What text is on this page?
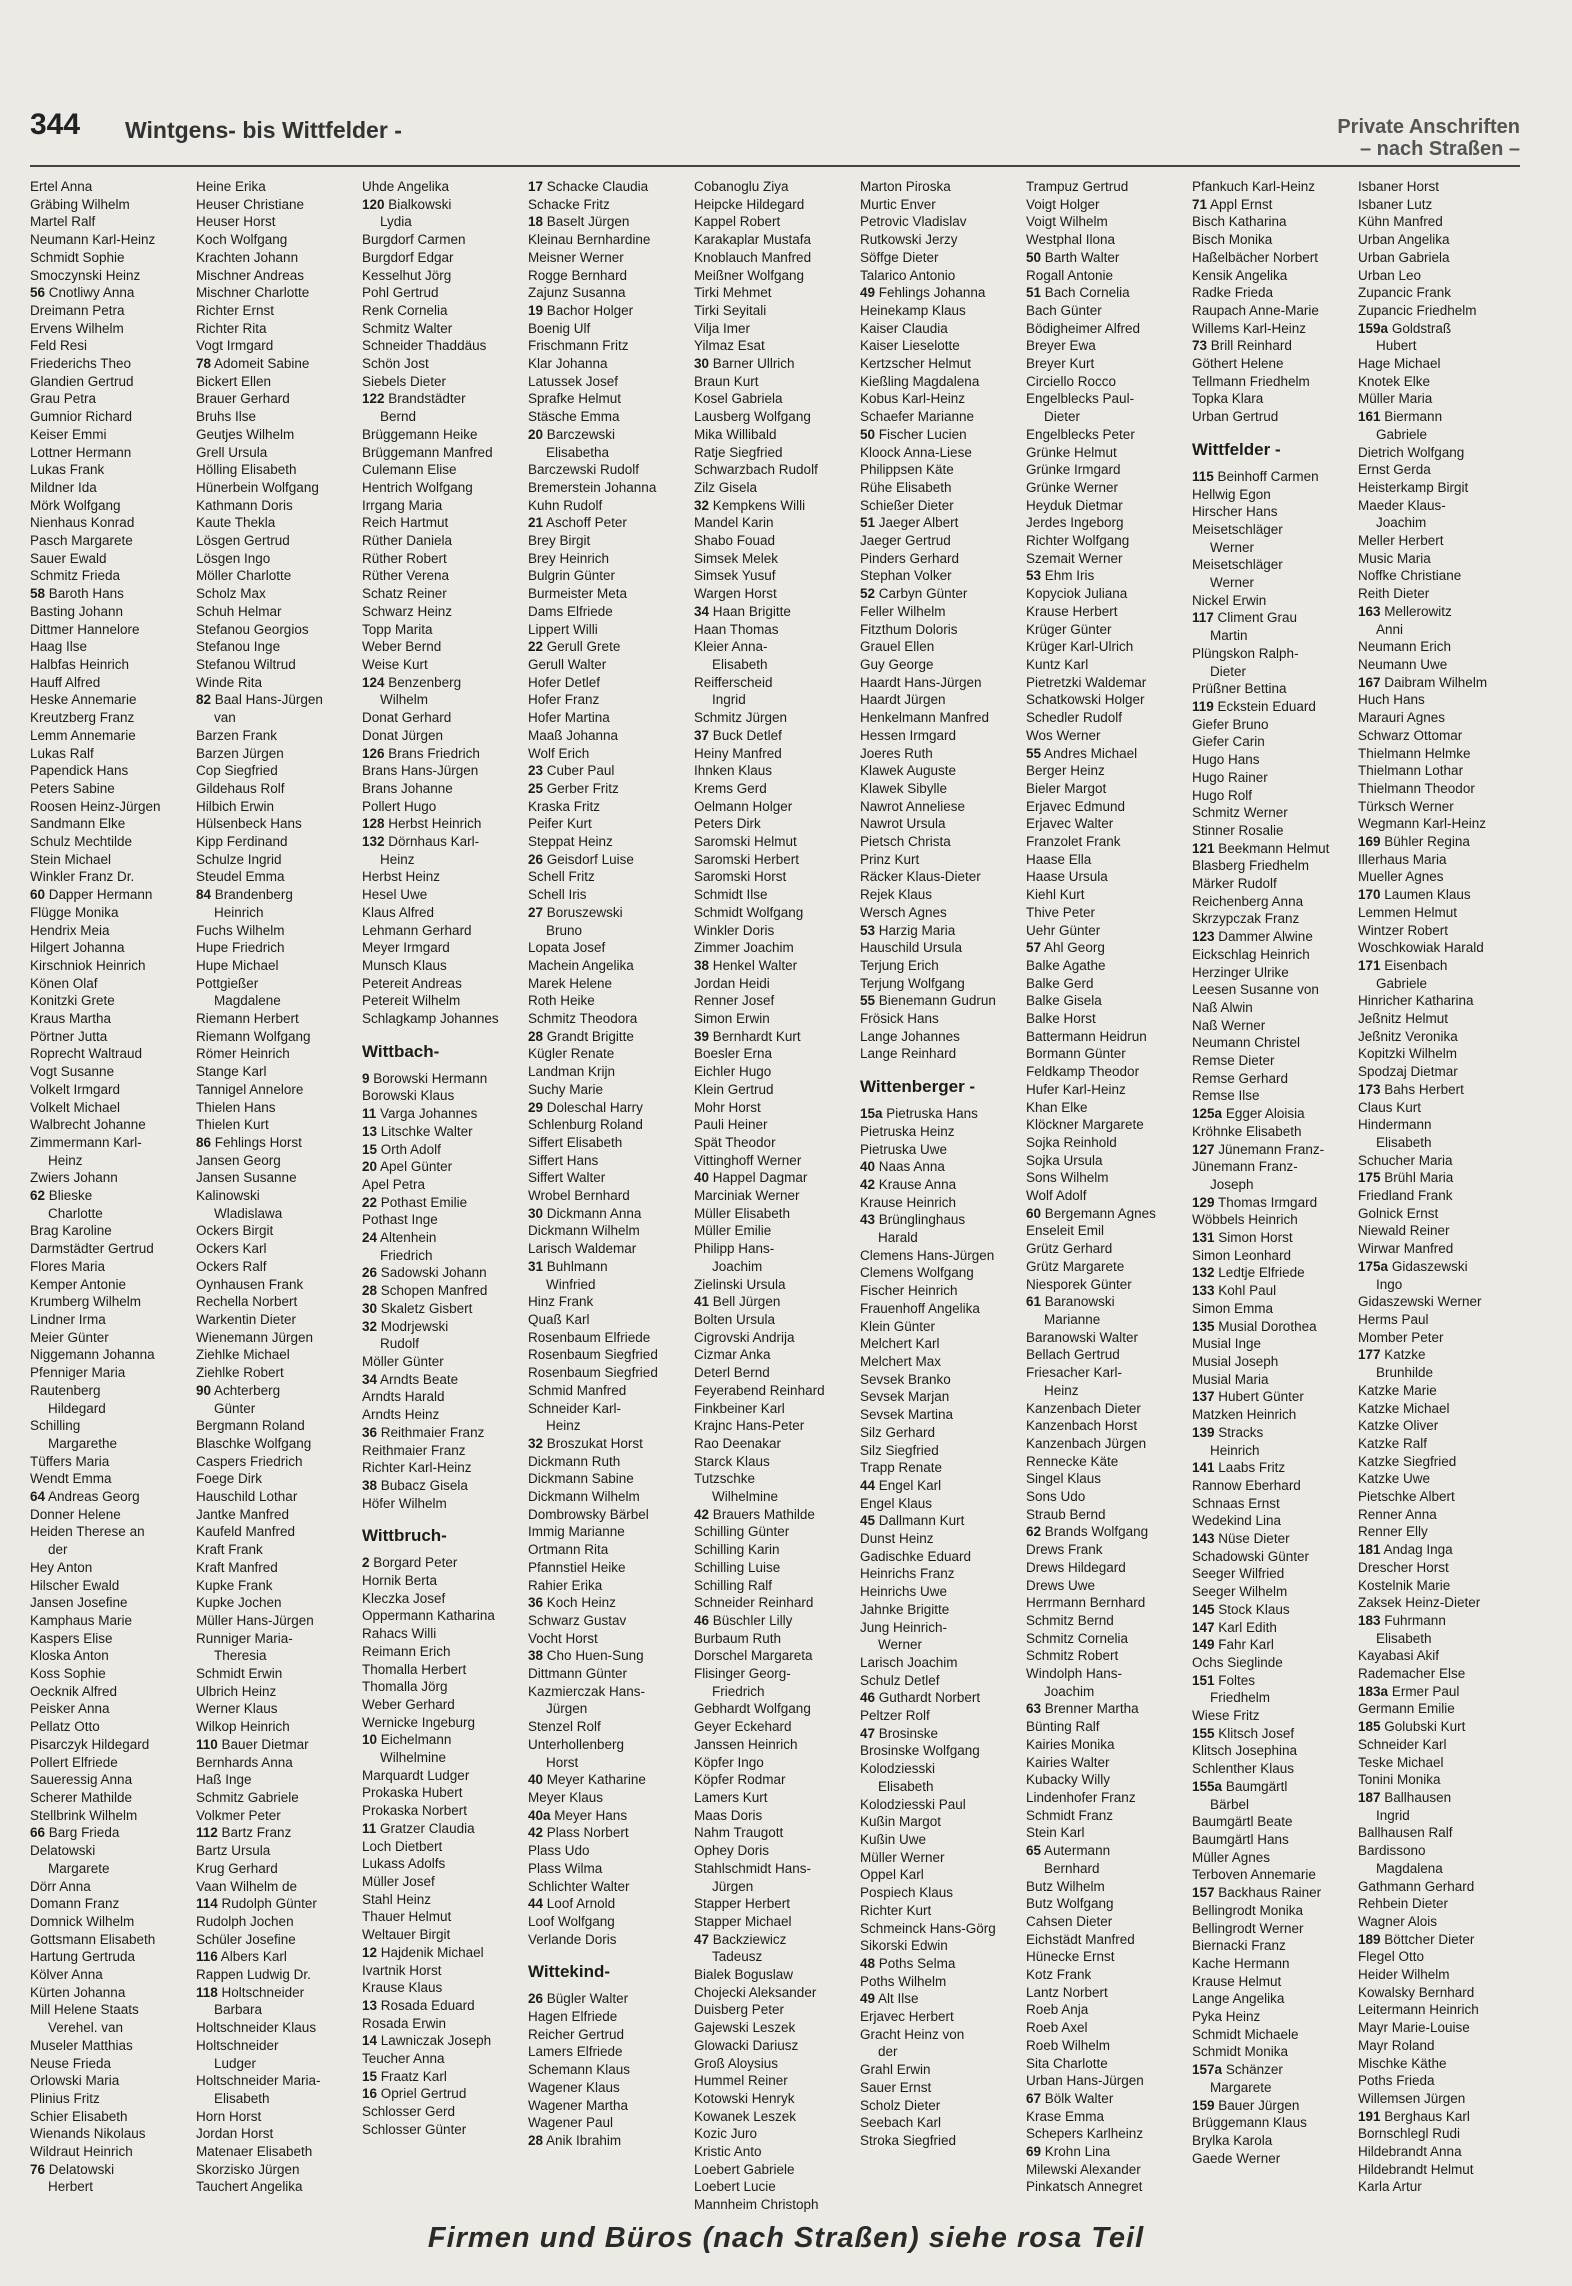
344 Wintgens- bis Wittfelder -	Private Anschriften
– nach Straßen –
Ertel Anna
Gräbing Wilhelm
Martel Ralf
Neumann Karl-Heinz
Schmidt Sophie
Smoczynski Heinz
56 Cnotliwy Anna
Dreimann Petra
Ervens Wilhelm
Feld Resi
Friederichs Theo
Glandien Gertrud
Grau Petra
Gumnior Richard
Keiser Emmi
Lottner Hermann
Lukas Frank
Mildner Ida
Mörk Wolfgang
Nienhaus Konrad
Pasch Margarete
Sauer Ewald
Schmitz Frieda
58 Baroth Hans
Basting Johann
Dittmer Hannelore
Haag Ilse
Halbfas Heinrich
Hauff Alfred
Heske Annemarie
Kreutzberg Franz
Lemm Annemarie
Lukas Ralf
Papendick Hans
Peters Sabine
Roosen Heinz-Jürgen
Sandmann Elke
Schulz Mechtilde
Stein Michael
Winkler Franz Dr.
60 Dapper Hermann
Flügge Monika
Hendrix Meia
Hilgert Johanna
Kirschniok Heinrich
Könen Olaf
Konitzki Grete
Kraus Martha
Pörtner Jutta
Roprecht Waltraud
Vogt Susanne
Volkelt Irmgard
Volkelt Michael
Walbrecht Johanne
Zimmermann Karl-
Heinz
Zwiers Johann
62 Blieske
Charlotte
Brag Karoline
Darmstädter Gertrud
Flores Maria
Kemper Antonie
Krumberg Wilhelm
Lindner Irma
Meier Günter
Niggemann Johanna
Pfenniger Maria
Rautenberg
Hildegard
Schilling
Margarethe
Tüffers Maria
Wendt Emma
64 Andreas Georg
Donner Helene
Heiden Therese an
der
Hey Anton
Hilscher Ewald
Jansen Josefine
Kamphaus Marie
Kaspers Elise
Kloska Anton
Koss Sophie
Oecknik Alfred
Peisker Anna
Pellatz Otto
Pisarczyk Hildegard
Pollert Elfriede
Saueressig Anna
Scherer Mathilde
Stellbrink Wilhelm
66 Barg Frieda
Delatowski
Margarete
Dörr Anna
Domann Franz
Domnick Wilhelm
Gottsmann Elisabeth
Hartung Gertruda
Kölver Anna
Kürten Johanna
Mill Helene Staats
Verehel. van
Museler Matthias
Neuse Frieda
Orlowski Maria
Plinius Fritz
Schier Elisabeth
Wienands Nikolaus
Wildraut Heinrich
76 Delatowski
Herbert
Heine Erika
Heuser Christiane
Heuser Horst
Koch Wolfgang
Krachten Johann
Mischner Andreas
Mischner Charlotte
Richter Ernst
Richter Rita
Vogt Irmgard
78 Adomeit Sabine
Bickert Ellen
Brauer Gerhard
Bruhs Ilse
Geutjes Wilhelm
Grell Ursula
Hölling Elisabeth
Hünerbein Wolfgang
Kathmann Doris
Kaute Thekla
Lösgen Gertrud
Lösgen Ingo
Möller Charlotte
Scholz Max
Schuh Helmar
Stefanou Georgios
Stefanou Inge
Stefanou Wiltrud
Winde Rita
82 Baal Hans-Jürgen
van
Barzen Frank
Barzen Jürgen
Cop Siegfried
Gildehaus Rolf
Hilbich Erwin
Hülsenbeck Hans
Kipp Ferdinand
Schulze Ingrid
Steudel Emma
84 Brandenberg
Heinrich
Fuchs Wilhelm
Hupe Friedrich
Hupe Michael
Pottgießer
Magdalene
Riemann Herbert
Riemann Wolfgang
Römer Heinrich
Stange Karl
Tannigel Annelore
Thielen Hans
Thielen Kurt
86 Fehlings Horst
Jansen Georg
Jansen Susanne
Kalinowski
Wladislawa
Ockers Birgit
Ockers Karl
Ockers Ralf
Oynhausen Frank
Rechella Norbert
Warkentin Dieter
Wienemann Jürgen
Ziehlke Michael
Ziehlke Robert
90 Achterberg
Günter
Bergmann Roland
Blaschke Wolfgang
Caspers Friedrich
Foege Dirk
Hauschild Lothar
Jantke Manfred
Kaufeld Manfred
Kraft Frank
Kraft Manfred
Kupke Frank
Kupke Jochen
Müller Hans-Jürgen
Runniger Maria-
Theresia
Schmidt Erwin
Ulbrich Heinz
Werner Klaus
Wilkop Heinrich
110 Bauer Dietmar
Bernhards Anna
Haß Inge
Schmitz Gabriele
Volkmer Peter
112 Bartz Franz
Bartz Ursula
Krug Gerhard
Vaan Wilhelm de
114 Rudolph Günter
Rudolph Jochen
Schüler Josefine
116 Albers Karl
Rappen Ludwig Dr.
118 Holtschneider
Barbara
Holtschneider Klaus
Holtschneider
Ludger
Holtschneider Maria-
Elisabeth
Horn Horst
Jordan Horst
Matenaer Elisabeth
Skorzisko Jürgen
Tauchert Angelika
Uhde Angelika
120 Bialkowski
Lydia
Burgdorf Carmen
Burgdorf Edgar
Kesselhut Jörg
Pohl Gertrud
Renk Cornelia
Schmitz Walter
Schneider Thaddäus
Schön Jost
Siebels Dieter
122 Brandstädter
Bernd
Brüggemann Heike
Brüggemann Manfred
Culemann Elise
Hentrich Wolfgang
Irrgang Maria
Reich Hartmut
Rüther Daniela
Rüther Robert
Rüther Verena
Schatz Reiner
Schwarz Heinz
Topp Marita
Weber Bernd
Weise Kurt
124 Benzenberg
Wilhelm
Donat Gerhard
Donat Jürgen
126 Brans Friedrich
Brans Hans-Jürgen
Brans Johanne
Pollert Hugo
128 Herbst Heinrich
132 Dörnhaus Karl-
Heinz
Herbst Heinz
Hesel Uwe
Klaus Alfred
Lehmann Gerhard
Meyer Irmgard
Munsch Klaus
Petereit Andreas
Petereit Wilhelm
Schlagkamp Johannes
Wittbach-
9 Borowski Hermann
Borowski Klaus
11 Varga Johannes
13 Litschke Walter
15 Orth Adolf
20 Apel Günter
Apel Petra
22 Pothast Emilie
Pothast Inge
24 Altenhein
Friedrich
26 Sadowski Johann
28 Schopen Manfred
30 Skaletz Gisbert
32 Modrjewski
Rudolf
Möller Günter
34 Arndts Beate
Arndts Harald
Arndts Heinz
36 Reithmaier Franz
Reithmaier Franz
Richter Karl-Heinz
38 Bubacz Gisela
Höfer Wilhelm
Wittbruch-
2 Borgard Peter
Hornik Berta
Kleczka Josef
Oppermann Katharina
Rahacs Willi
Reimann Erich
Thomalla Herbert
Thomalla Jörg
Weber Gerhard
Wernicke Ingeburg
10 Eichelmann
Wilhelmine
Marquardt Ludger
Prokaska Hubert
Prokaska Norbert
11 Gratzer Claudia
Loch Dietbert
Lukass Adolfs
Müller Josef
Stahl Heinz
Thauer Helmut
Weltauer Birgit
12 Hajdenik Michael
Ivartnik Horst
Krause Klaus
13 Rosada Eduard
Rosada Erwin
14 Lawniczak Joseph
Teucher Anna
15 Fraatz Karl
16 Opriel Gertrud
Schlosser Gerd
Schlosser Günter
17 Schacke Claudia
Schacke Fritz
18 Baselt Jürgen
Kleinau Bernhardine
Meisner Werner
Rogge Bernhard
Zajunz Susanna
19 Bachor Holger
Boenig Ulf
Frischmann Fritz
Klar Johanna
Latussek Josef
Sprafke Helmut
Stäsche Emma
20 Barczewski
Elisabetha
Barczewski Rudolf
Bremerstein Johanna
Kuhn Rudolf
21 Aschoff Peter
Brey Birgit
Brey Heinrich
Bulgrin Günter
Burmeister Meta
Dams Elfriede
Lippert Willi
22 Gerull Grete
Gerull Walter
Hofer Detlef
Hofer Franz
Hofer Martina
Maaß Johanna
Wolf Erich
23 Cuber Paul
25 Gerber Fritz
Kraska Fritz
Peifer Kurt
Steppat Heinz
26 Geisdorf Luise
Schell Fritz
Schell Iris
27 Boruszewski
Bruno
Lopata Josef
Machein Angelika
Marek Helene
Roth Heike
Schmitz Theodora
28 Grandt Brigitte
Kügler Renate
Landman Krijn
Suchy Marie
29 Doleschal Harry
Schlenburg Roland
Siffert Elisabeth
Siffert Hans
Siffert Walter
Wrobel Bernhard
30 Dickmann Anna
Dickmann Wilhelm
Larisch Waldemar
31 Buhlmann
Winfried
Hinz Frank
Quaß Karl
Rosenbaum Elfriede
Rosenbaum Siegfried
Rosenbaum Siegfried
Schmid Manfred
Schneider Karl-
Heinz
32 Broszukat Horst
Dickmann Ruth
Dickmann Sabine
Dickmann Wilhelm
Dombrowsky Bärbel
Immig Marianne
Ortmann Rita
Pfannstiel Heike
Rahier Erika
36 Koch Heinz
Schwarz Gustav
Vocht Horst
38 Cho Huen-Sung
Dittmann Günter
Kazmierczak Hans-
Jürgen
Stenzel Rolf
Unterhollenberg
Horst
40 Meyer Katharine
Meyer Klaus
40a Meyer Hans
42 Plass Norbert
Plass Udo
Plass Wilma
Schlichter Walter
44 Loof Arnold
Loof Wolfgang
Verlande Doris
Wittekind-
26 Bügler Walter
Hagen Elfriede
Reicher Gertrud
Lamers Elfriede
Schemann Klaus
Wagener Klaus
Wagener Martha
Wagener Paul
28 Anik Ibrahim
Cobanoglu Ziya
Heipcke Hildegard
Kappel Robert
Karakaplar Mustafa
Knoblauch Manfred
Meißner Wolfgang
Tirki Mehmet
Tirki Seyitali
Vilja Imer
Yilmaz Esat
30 Barner Ullrich
Braun Kurt
Kosel Gabriela
Lausberg Wolfgang
Mika Willibald
Ratje Siegfried
Schwarzbach Rudolf
Zilz Gisela
32 Kempkens Willi
Mandel Karin
Shabo Fouad
Simsek Melek
Simsek Yusuf
Wargen Horst
34 Haan Brigitte
Haan Thomas
Kleier Anna-
Elisabeth
Reifferscheid
Ingrid
Schmitz Jürgen
37 Buck Detlef
Heiny Manfred
Ihnken Klaus
Krems Gerd
Oelmann Holger
Peters Dirk
Saromski Helmut
Saromski Herbert
Saromski Horst
Schmidt Ilse
Schmidt Wolfgang
Winkler Doris
Zimmer Joachim
38 Henkel Walter
Jordan Heidi
Renner Josef
Simon Erwin
39 Bernhardt Kurt
Boesler Erna
Eichler Hugo
Klein Gertrud
Mohr Horst
Pauli Heiner
Spät Theodor
Vittinghoff Werner
40 Happel Dagmar
Marciniak Werner
Müller Elisabeth
Müller Emilie
Philipp Hans-
Joachim
Zielinski Ursula
41 Bell Jürgen
Bolten Ursula
Cigrovski Andrija
Cizmar Anka
Deterl Bernd
Feyerabend Reinhard
Finkbeiner Karl
Krajnc Hans-Peter
Rao Deenakar
Starck Klaus
Tutzschke
Wilhelmine
42 Brauers Mathilde
Schilling Günter
Schilling Karin
Schilling Luise
Schilling Ralf
Schneider Reinhard
46 Büschler Lilly
Burbaum Ruth
Dorschel Margareta
Flisinger Georg-
Friedrich
Gebhardt Wolfgang
Geyer Eckehard
Janssen Heinrich
Köpfer Ingo
Köpfer Rodmar
Lamers Kurt
Maas Doris
Nahm Traugott
Ophey Doris
Stahlschmidt Hans-
Jürgen
Stapper Herbert
Stapper Michael
47 Backziewicz
Tadeusz
Bialek Boguslaw
Chojecki Aleksander
Duisberg Peter
Gajewski Leszek
Glowacki Dariusz
Groß Aloysius
Hummel Reiner
Kotowski Henryk
Kowanek Leszek
Kozic Juro
Kristic Anto
Loebert Gabriele
Loebert Lucie
Mannheim Christoph
Marton Piroska
Murtic Enver
Petrovic Vladislav
Rutkowski Jerzy
Söffge Dieter
Talarico Antonio
49 Fehlings Johanna
Heinekamp Klaus
Kaiser Claudia
Kaiser Lieselotte
Kertzscher Helmut
Kießling Magdalena
Kobus Karl-Heinz
Schaefer Marianne
50 Fischer Lucien
Kloock Anna-Liese
Philippsen Käte
Rühe Elisabeth
Schießer Dieter
51 Jaeger Albert
Jaeger Gertrud
Pinders Gerhard
Stephan Volker
52 Carbyn Günter
Feller Wilhelm
Fitzthum Doloris
Grauel Ellen
Guy George
Haardt Hans-Jürgen
Haardt Jürgen
Henkelmann Manfred
Hessen Irmgard
Joeres Ruth
Klawek Auguste
Klawek Sibylle
Nawrot Anneliese
Nawrot Ursula
Pietsch Christa
Prinz Kurt
Räcker Klaus-Dieter
Rejek Klaus
Wersch Agnes
53 Harzig Maria
Hauschild Ursula
Terjung Erich
Terjung Wolfgang
55 Bienemann Gudrun
Frösick Hans
Lange Johannes
Lange Reinhard
Wittenberger -
15a Pietruska Hans
Pietruska Heinz
Pietruska Uwe
40 Naas Anna
42 Krause Anna
Krause Heinrich
43 Brünglinghaus
Harald
Clemens Hans-Jürgen
Clemens Wolfgang
Fischer Heinrich
Frauenhoff Angelika
Klein Günter
Melchert Karl
Melchert Max
Sevsek Branko
Sevsek Marjan
Sevsek Martina
Silz Gerhard
Silz Siegfried
Trapp Renate
44 Engel Karl
Engel Klaus
45 Dallmann Kurt
Dunst Heinz
Gadischke Eduard
Heinrichs Franz
Heinrichs Uwe
Jahnke Brigitte
Jung Heinrich-
Werner
Larisch Joachim
Schulz Detlef
46 Guthardt Norbert
Peltzer Rolf
47 Brosinske
Brosinske Wolfgang
Kolodziesski
Elisabeth
Kolodziesski Paul
Kußin Margot
Kußin Uwe
Müller Werner
Oppel Karl
Pospiech Klaus
Richter Kurt
Schmeinck Hans-Görg
Sikorski Edwin
48 Poths Selma
Poths Wilhelm
49 Alt Ilse
Erjavec Herbert
Gracht Heinz von
der
Grahl Erwin
Sauer Ernst
Scholz Dieter
Seebach Karl
Stroka Siegfried
Trampuz Gertrud
Voigt Holger
Voigt Wilhelm
Westphal Ilona
50 Barth Walter
Rogall Antonie
51 Bach Cornelia
Bach Günter
Bödigheimer Alfred
Breyer Ewa
Breyer Kurt
Circiello Rocco
Engelblecks Paul-
Dieter
Engelblecks Peter
Grünke Helmut
Grünke Irmgard
Grünke Werner
Heyduk Dietmar
Jerdes Ingeborg
Richter Wolfgang
Szemait Werner
53 Ehm Iris
Kopyciok Juliana
Krause Herbert
Krüger Günter
Krüger Karl-Ulrich
Kuntz Karl
Pietretzki Waldemar
Schatkowski Holger
Schedler Rudolf
Wos Werner
55 Andres Michael
Berger Heinz
Bieler Margot
Erjavec Edmund
Erjavec Walter
Franzolet Frank
Haase Ella
Haase Ursula
Kiehl Kurt
Thive Peter
Uehr Günter
57 Ahl Georg
Balke Agathe
Balke Gerd
Balke Gisela
Balke Horst
Battermann Heidrun
Bormann Günter
Feldkamp Theodor
Hufer Karl-Heinz
Khan Elke
Klöckner Margarete
Sojka Reinhold
Sojka Ursula
Sons Wilhelm
Wolf Adolf
60 Bergemann Agnes
Enseleit Emil
Grütz Gerhard
Grütz Margarete
Niesporek Günter
61 Baranowski
Marianne
Baranowski Walter
Bellach Gertrud
Friesacher Karl-
Heinz
Kanzenbach Dieter
Kanzenbach Horst
Kanzenbach Jürgen
Rennecke Käte
Singel Klaus
Sons Udo
Straub Bernd
62 Brands Wolfgang
Drews Frank
Drews Hildegard
Drews Uwe
Herrmann Bernhard
Schmitz Bernd
Schmitz Cornelia
Schmitz Robert
Windolph Hans-
Joachim
63 Brenner Martha
Bünting Ralf
Kairies Monika
Kairies Walter
Kubacky Willy
Lindenhofer Franz
Schmidt Franz
Stein Karl
65 Autermann
Bernhard
Butz Wilhelm
Butz Wolfgang
Cahsen Dieter
Eichstädt Manfred
Hünecke Ernst
Kotz Frank
Lantz Norbert
Roeb Anja
Roeb Axel
Roeb Wilhelm
Sita Charlotte
Urban Hans-Jürgen
67 Bölk Walter
Krase Emma
Schepers Karlheinz
69 Krohn Lina
Milewski Alexander
Pinkatsch Annegret
Pfankuch Karl-Heinz
71 Appl Ernst
Bisch Katharina
Bisch Monika
Haßelbächer Norbert
Kensik Angelika
Radke Frieda
Raupach Anne-Marie
Willems Karl-Heinz
73 Brill Reinhard
Göthert Helene
Tellmann Friedhelm
Topka Klara
Urban Gertrud
Wittfelder -
115 Beinhoff Carmen
Hellwig Egon
Hirscher Hans
Meisetschläger
Werner
Meisetschläger
Werner
Nickel Erwin
117 Climent Grau
Martin
Plüngskon Ralph-
Dieter
Prüßner Bettina
119 Eckstein Eduard
Giefer Bruno
Giefer Carin
Hugo Hans
Hugo Rainer
Hugo Rolf
Schmitz Werner
Stinner Rosalie
121 Beekmann Helmut
Blasberg Friedhelm
Märker Rudolf
Reichenberg Anna
Skrzypczak Franz
123 Dammer Alwine
Eickschlag Heinrich
Herzinger Ulrike
Leesen Susanne von
Naß Alwin
Naß Werner
Neumann Christel
Remse Dieter
Remse Gerhard
Remse Ilse
125a Egger Aloisia
Kröhnke Elisabeth
127 Jünemann Franz-
Jünemann Franz-
Joseph
129 Thomas Irmgard
Wöbbels Heinrich
131 Simon Horst
Simon Leonhard
132 Ledtje Elfriede
133 Kohl Paul
Simon Emma
135 Musial Dorothea
Musial Inge
Musial Joseph
Musial Maria
137 Hubert Günter
Matzken Heinrich
139 Stracks
Heinrich
141 Laabs Fritz
Rannow Eberhard
Schnaas Ernst
Wedekind Lina
143 Nüse Dieter
Schadowski Günter
Seeger Wilfried
Seeger Wilhelm
145 Stock Klaus
147 Karl Edith
149 Fahr Karl
Ochs Sieglinde
151 Foltes
Friedhelm
Wiese Fritz
155 Klitsch Josef
Klitsch Josephina
Schlenther Klaus
155a Baumgärtl
Bärbel
Baumgärtl Beate
Baumgärtl Hans
Müller Agnes
Terboven Annemarie
157 Backhaus Rainer
Bellingrodt Monika
Bellingrodt Werner
Biernacki Franz
Kache Hermann
Krause Helmut
Lange Angelika
Pyka Heinz
Schmidt Michaele
Schmidt Monika
157a Schänzer
Margarete
159 Bauer Jürgen
Brüggemann Klaus
Brylka Karola
Gaede Werner
Isbaner Horst
Isbaner Lutz
Kühn Manfred
Urban Angelika
Urban Gabriela
Urban Leo
Zupancic Frank
Zupancic Friedhelm
159a Goldstraß
Hubert
Hage Michael
Knotek Elke
Müller Maria
161 Biermann
Gabriele
Dietrich Wolfgang
Ernst Gerda
Heisterkamp Birgit
Maeder Klaus-
Joachim
Meller Herbert
Music Maria
Noffke Christiane
Reith Dieter
163 Mellerowitz
Anni
Neumann Erich
Neumann Uwe
167 Daibram Wilhelm
Huch Hans
Marauri Agnes
Schwarz Ottomar
Thielmann Helmke
Thielmann Lothar
Thielmann Theodor
Türksch Werner
Wegmann Karl-Heinz
169 Bühler Regina
Illerhaus Maria
Mueller Agnes
170 Laumen Klaus
Lemmen Helmut
Wintzer Robert
Woschkowiak Harald
171 Eisenbach
Gabriele
Hinricher Katharina
Jeßnitz Helmut
Jeßnitz Veronika
Kopitzki Wilhelm
Spodzaj Dietmar
173 Bahs Herbert
Claus Kurt
Hindermann
Elisabeth
Schucher Maria
175 Brühl Maria
Friedland Frank
Golnick Ernst
Niewald Reiner
Wirwar Manfred
175a Gidaszewski
Ingo
Gidaszewski Werner
Herms Paul
Momber Peter
177 Katzke
Brunhilde
Katzke Marie
Katzke Michael
Katzke Oliver
Katzke Ralf
Katzke Siegfried
Katzke Uwe
Pietschke Albert
Renner Anna
Renner Elly
181 Andag Inga
Drescher Horst
Kostelnik Marie
Zaksek Heinz-Dieter
183 Fuhrmann
Elisabeth
Kayabasi Akif
Rademacher Else
183a Ermer Paul
Germann Emilie
185 Golubski Kurt
Schneider Karl
Teske Michael
Tonini Monika
187 Ballhausen
Ingrid
Ballhausen Ralf
Bardissono
Magdalena
Gathmann Gerhard
Rehbein Dieter
Wagner Alois
189 Böttcher Dieter
Flegel Otto
Heider Wilhelm
Kowalsky Bernhard
Leitermann Heinrich
Mayr Marie-Louise
Mayr Roland
Mischke Käthe
Poths Frieda
Willemsen Jürgen
191 Berghaus Karl
Bornschlegl Rudi
Hildebrandt Anna
Hildebrandt Helmut
Karla Artur
Firmen und Büros (nach Straßen) siehe rosa Teil
